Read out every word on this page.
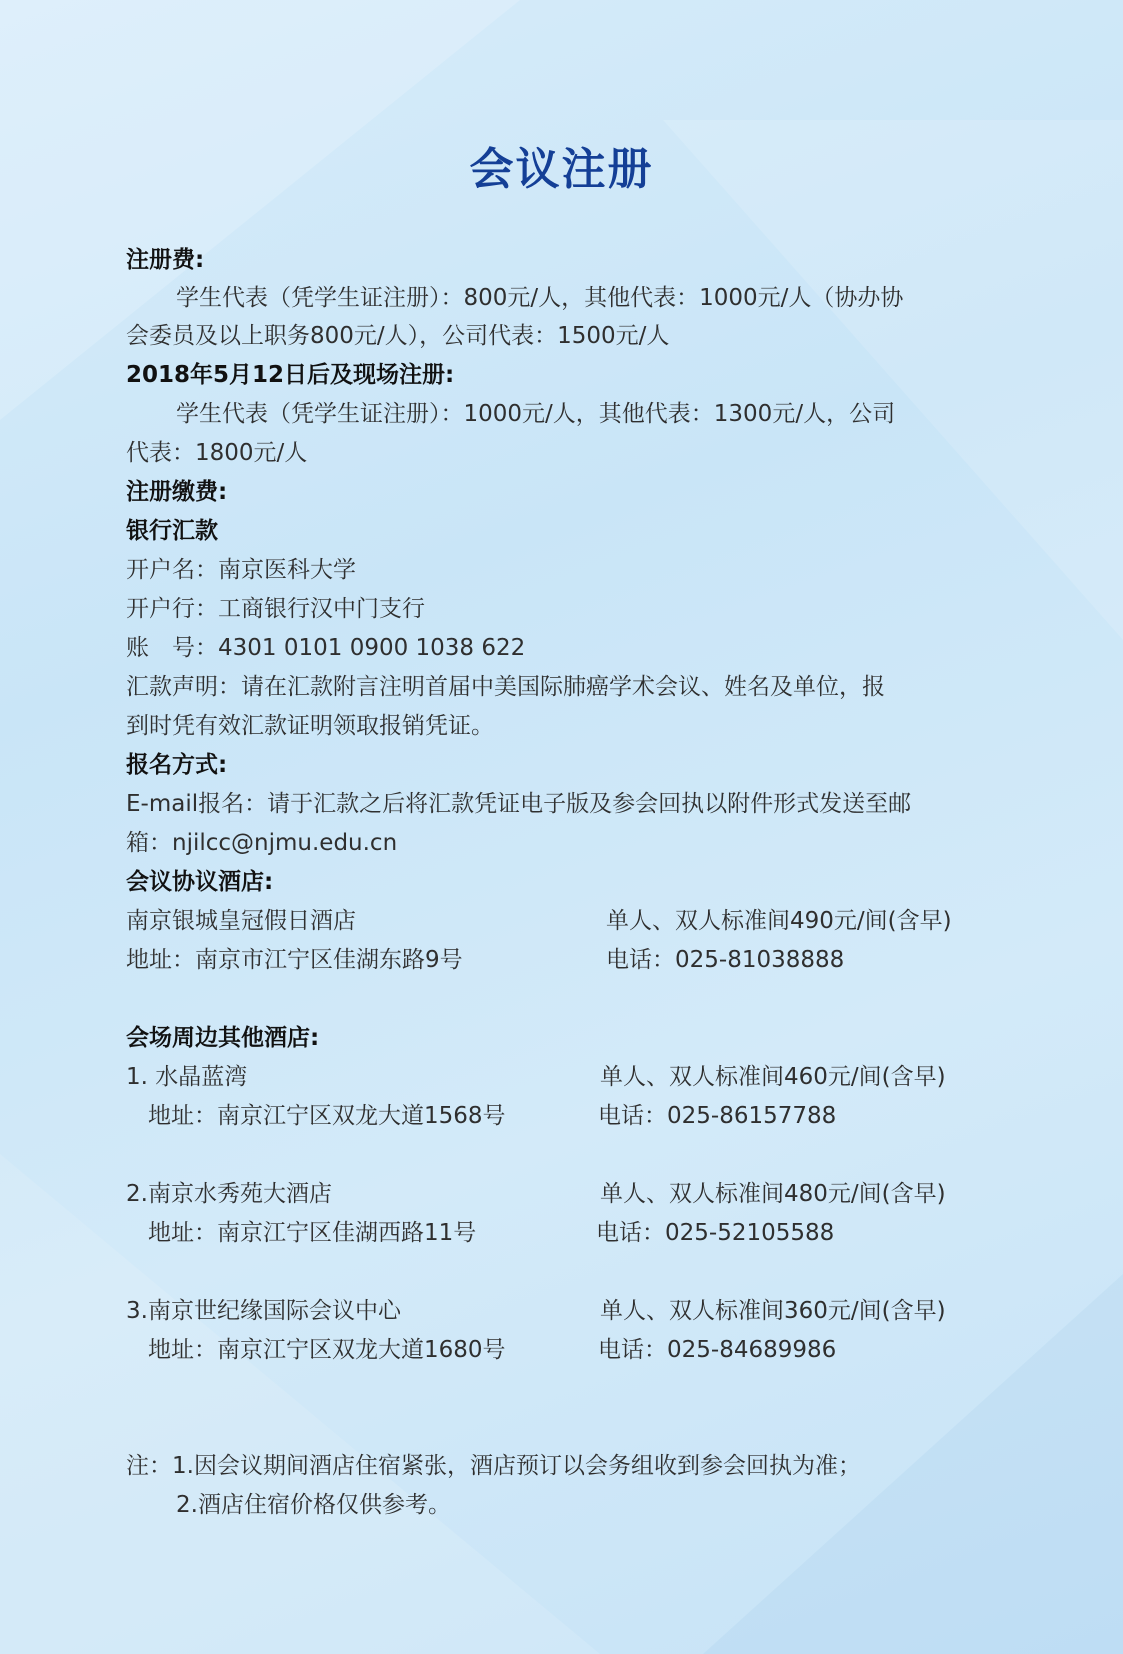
会议注册
注册费:
学生代表（凭学生证注册）：800元/人，其他代表：1000元/人（协办协
会委员及以上职务800元/人），公司代表：1500元/人
2018年5月12日后及现场注册:
学生代表（凭学生证注册）：1000元/人，其他代表：1300元/人，公司
代表：1800元/人
注册缴费:
银行汇款
开户名：南京医科大学
开户行：工商银行汉中门支行
账　号：4301 0101 0900 1038 622
汇款声明：请在汇款附言注明首届中美国际肺癌学术会议、姓名及单位，报
到时凭有效汇款证明领取报销凭证。
报名方式:
E-mail报名：请于汇款之后将汇款凭证电子版及参会回执以附件形式发送至邮
箱：njilcc@njmu.edu.cn
会议协议酒店:
南京银城皇冠假日酒店	单人、双人标准间490元/间(含早)
地址：南京市江宁区佳湖东路9号	电话：025-81038888
会场周边其他酒店:
1. 水晶蓝湾	单人、双人标准间460元/间(含早)
地址：南京江宁区双龙大道1568号	电话：025-86157788
2.南京水秀苑大酒店	单人、双人标准间480元/间(含早)
地址：南京江宁区佳湖西路11号	电话：025-52105588
3.南京世纪缘国际会议中心	单人、双人标准间360元/间(含早)
地址：南京江宁区双龙大道1680号	电话：025-84689986
注：1.因会议期间酒店住宿紧张，酒店预订以会务组收到参会回执为准；
2.酒店住宿价格仅供参考。
